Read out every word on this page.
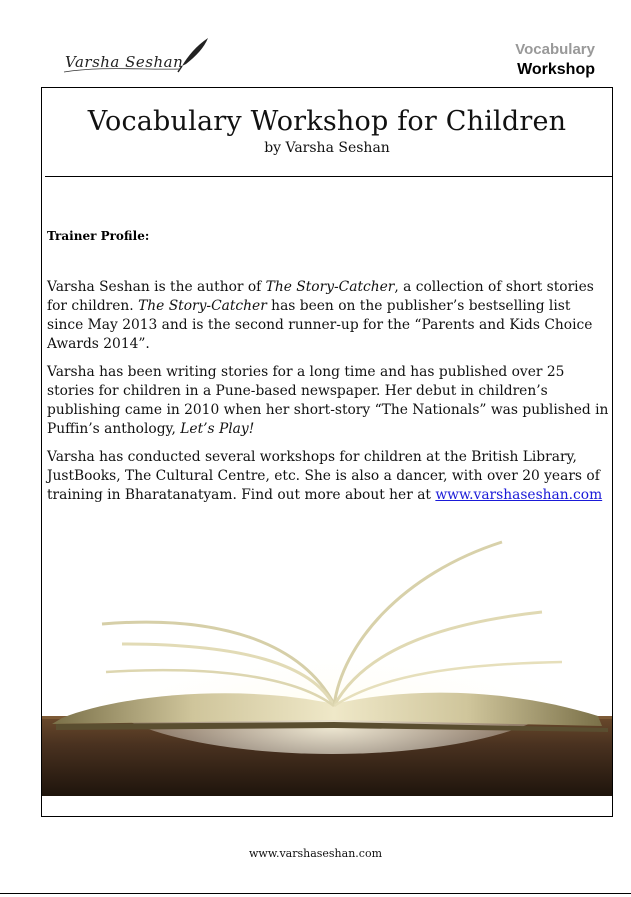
Varsha Seshan
Vocabulary
Workshop
Vocabulary Workshop for Children
by Varsha Seshan
Trainer Profile:

Varsha Seshan is the author of The Story-Catcher, a collection of short stories for children. The Story-Catcher has been on the publisher’s bestselling list since May 2013 and is the second runner-up for the “Parents and Kids Choice Awards 2014”.

Varsha has been writing stories for a long time and has published over 25 stories for children in a Pune-based newspaper. Her debut in children’s publishing came in 2010 when her short-story “The Nationals” was published in Puffin’s anthology, Let’s Play!

Varsha has conducted several workshops for children at the British Library, JustBooks, The Cultural Centre, etc. She is also a dancer, with over 20 years of training in Bharatanatyam. Find out more about her at www.varshaseshan.com

www.varshaseshan.com
